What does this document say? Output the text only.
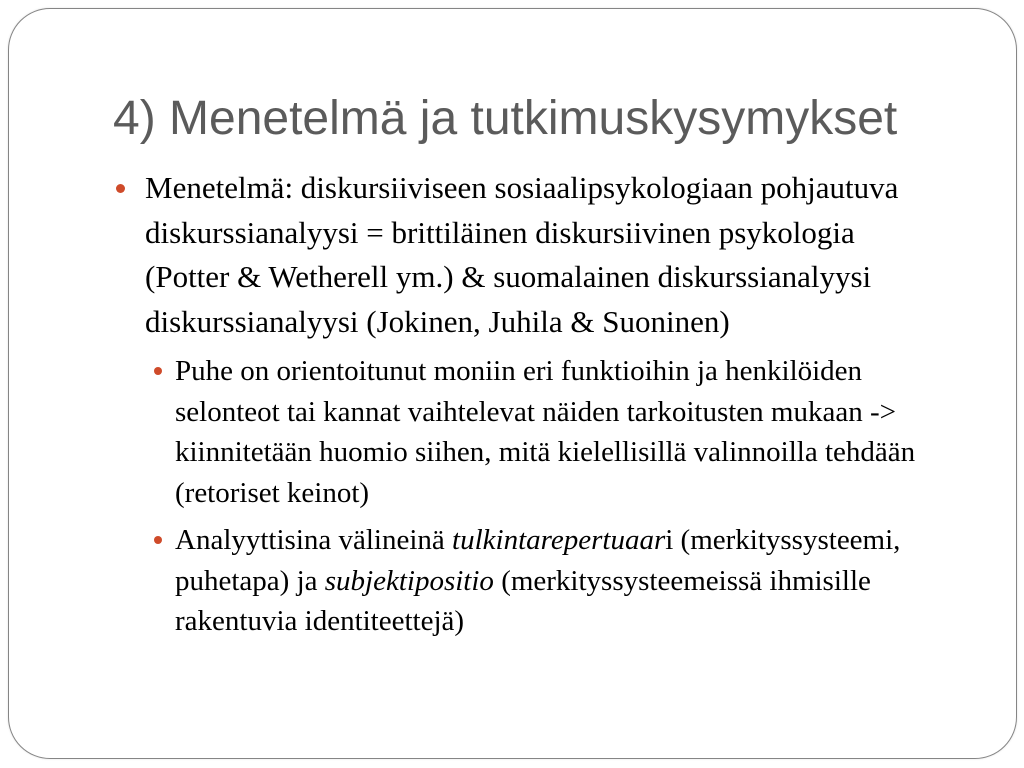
4) Menetelmä ja tutkimuskysymykset
Menetelmä: diskursiiviseen sosiaalipsykologiaan pohjautuva
diskurssianalyysi = brittiläinen diskursiivinen psykologia
(Potter & Wetherell ym.) & suomalainen diskurssianalyysi
diskurssianalyysi (Jokinen, Juhila & Suoninen)
Puhe on orientoitunut moniin eri funktioihin ja henkilöiden
selonteot tai kannat vaihtelevat näiden tarkoitusten mukaan ->
kiinnitetään huomio siihen, mitä kielellisillä valinnoilla tehdään
(retoriset keinot)
Analyyttisina välineinä tulkintarepertuaari (merkityssysteemi,
puhetapa) ja subjektipositio (merkityssysteemeissä ihmisille
rakentuvia identiteettejä)
